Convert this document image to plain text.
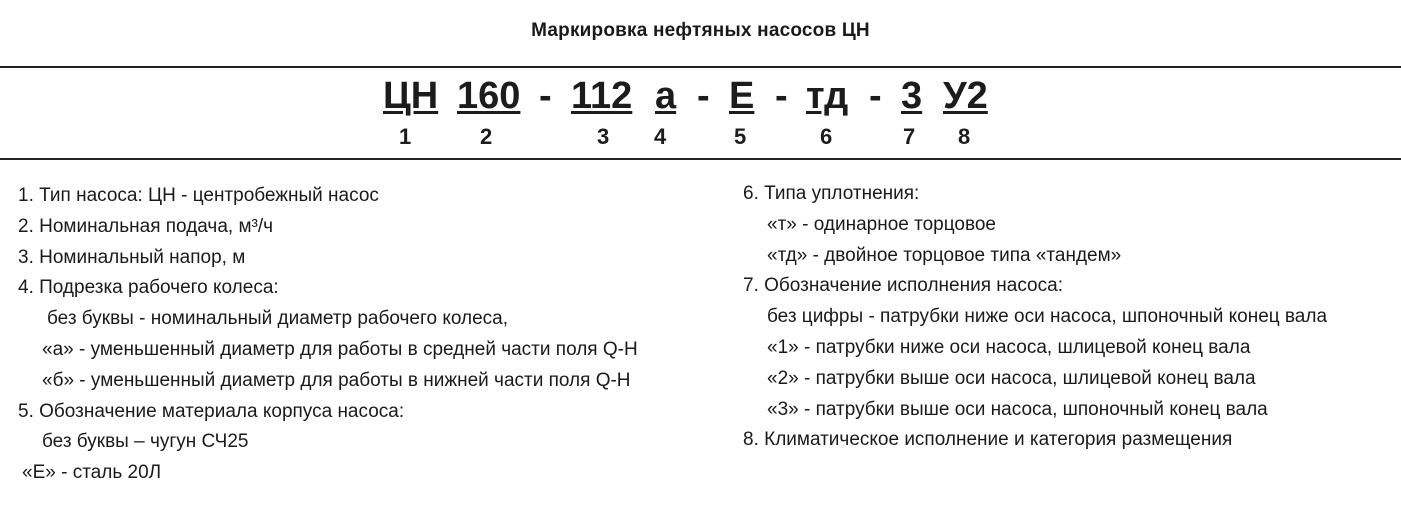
Маркировка нефтяных насосов ЦН
ЦН 160 - 112 а - Е - тд - 3 У2
1	2	3 4	5	6	7 8
1. Тип насоса: ЦН - центробежный насос
2. Номинальная подача, м³/ч
3. Номинальный напор, м
4. Подрезка рабочего колеса:
без буквы - номинальный диаметр рабочего колеса,
«а» - уменьшенный диаметр для работы в средней части поля Q-H
«б» - уменьшенный диаметр для работы в нижней части поля Q-H
5. Обозначение материала корпуса насоса:
без буквы – чугун СЧ25
«Е» - сталь 20Л
6. Типа уплотнения:
«т» - одинарное торцовое
«тд» - двойное торцовое типа «тандем»
7. Обозначение исполнения насоса:
без цифры - патрубки ниже оси насоса, шпоночный конец вала
«1» - патрубки ниже оси насоса, шлицевой конец вала
«2» - патрубки выше оси насоса, шлицевой конец вала
«3» - патрубки выше оси насоса, шпоночный конец вала
8. Климатическое исполнение и категория размещения
